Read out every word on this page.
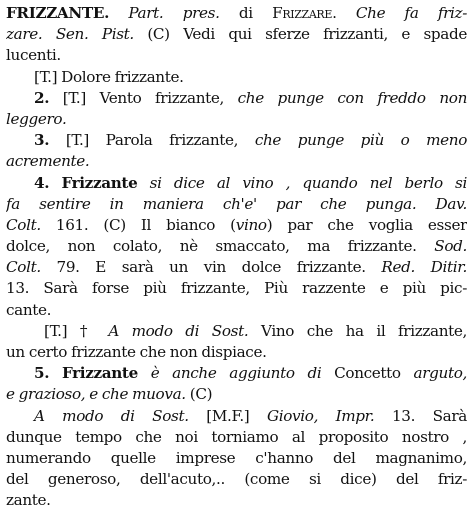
FRIZZANTE. Part. pres. di Frizzare. Che fa friz-
zare. Sen. Pist. (C) Vedi qui sferze frizzanti, e spade
lucenti.
[T.] Dolore frizzante.
2. [T.] Vento frizzante, che punge con freddo non
leggero.
3. [T.] Parola frizzante, che punge più o meno
acremente.
4. Frizzante si dice al vino , quando nel berlo si
fa sentire in maniera ch'e' par che punga. Dav.
Colt. 161. (C) Il bianco (vino) par che voglia esser
dolce, non colato, nè smaccato, ma frizzante. Sod.
Colt. 79. E sarà un vin dolce frizzante. Red. Ditir.
13. Sarà forse più frizzante, Più razzente e più pic-
cante.
[T.] † A modo di Sost. Vino che ha il frizzante,
un certo frizzante che non dispiace.
5. Frizzante è anche aggiunto di Concetto arguto,
e grazioso, e che muova. (C)
A modo di Sost. [M.F.] Giovio, Impr. 13. Sarà
dunque tempo che noi torniamo al proposito nostro ,
numerando quelle imprese c'hanno del magnanimo,
del generoso, dell'acuto,.. (come si dice) del friz-
zante.
